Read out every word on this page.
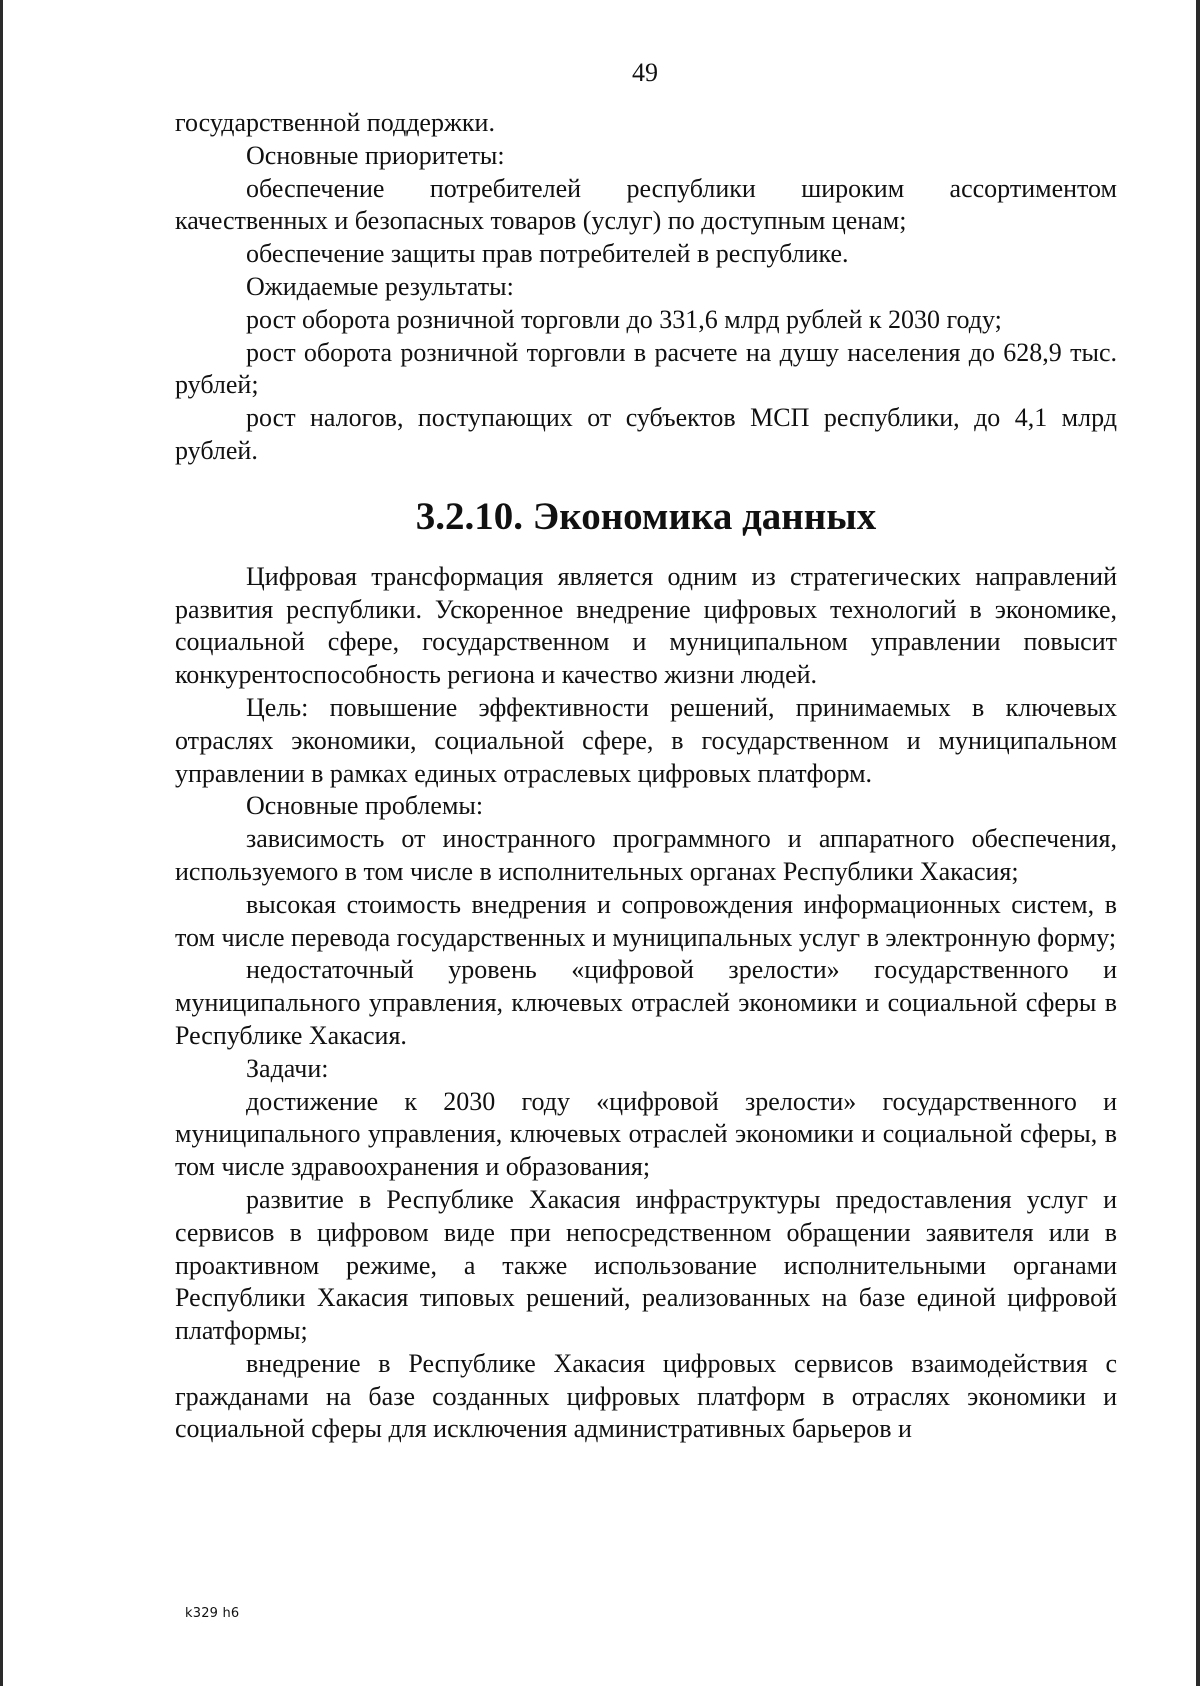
49

государственной поддержки.

Основные приоритеты:

обеспечение потребителей республики широким ассортиментом качественных и безопасных товаров (услуг) по доступным ценам;

обеспечение защиты прав потребителей в республике.

Ожидаемые результаты:

рост оборота розничной торговли до 331,6 млрд рублей к 2030 году;

рост оборота розничной торговли в расчете на душу населения до 628,9 тыс. рублей;

рост налогов, поступающих от субъектов МСП республики, до 4,1 млрд рублей.

3.2.10. Экономика данных

Цифровая трансформация является одним из стратегических направлений развития республики. Ускоренное внедрение цифровых технологий в экономике, социальной сфере, государственном и муниципальном управлении повысит конкурентоспособность региона и качество жизни людей.

Цель: повышение эффективности решений, принимаемых в ключевых отраслях экономики, социальной сфере, в государственном и муниципальном управлении в рамках единых отраслевых цифровых платформ.

Основные проблемы:

зависимость от иностранного программного и аппаратного обеспечения, используемого в том числе в исполнительных органах Республики Хакасия;

высокая стоимость внедрения и сопровождения информационных систем, в том числе перевода государственных и муниципальных услуг в электронную форму;

недостаточный уровень «цифровой зрелости» государственного и муниципального управления, ключевых отраслей экономики и социальной сферы в Республике Хакасия.

Задачи:

достижение к 2030 году «цифровой зрелости» государственного и муниципального управления, ключевых отраслей экономики и социальной сферы, в том числе здравоохранения и образования;

развитие в Республике Хакасия инфраструктуры предоставления услуг и сервисов в цифровом виде при непосредственном обращении заявителя или в проактивном режиме, а также использование исполнительными органами Республики Хакасия типовых решений, реализованных на базе единой цифровой платформы;

внедрение в Республике Хакасия цифровых сервисов взаимодействия с гражданами на базе созданных цифровых платформ в отраслях экономики и социальной сферы для исключения административных барьеров и

k329 h6
